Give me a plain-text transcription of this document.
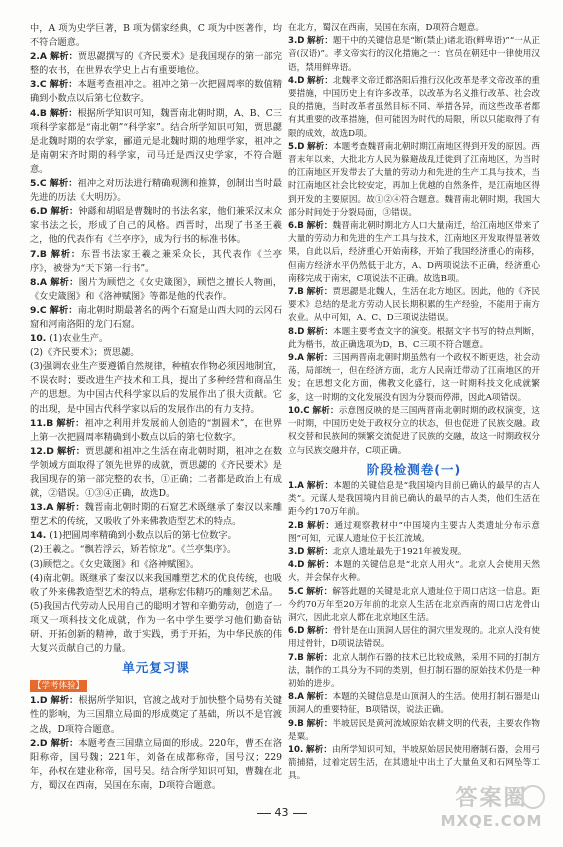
中，A 项为史学巨著，B 项为儒家经典，C 项为中医著作，均不符合题意。

2.A 解析：贾思勰撰写的《齐民要术》是我国现存的第一部完整的农书，在世界农学史上占有重要地位。

3.C 解析：本题考查祖冲之。祖冲之第一次把圆周率的数值精确到小数点以后第七位数字。

4.B 解析：根据所学知识可知，魏晋南北朝时期，A、B、C三项科学家都是“南北朝”“科学家”。结合所学知识可知，贾思勰是北魏时期的农学家，郦道元是北魏时期的地理学家，祖冲之是南朝宋齐时期的科学家，司马迁是西汉史学家，不符合题意。

5.C 解析：祖冲之对历法进行精确观测和推算，创制出当时最先进的历法《大明历》。

6.D 解析：钟繇和胡昭是曹魏时的书法名家，他们兼采汉末众家书法之长，形成了自己的风格。西晋时，出现了书圣王羲之，他的代表作有《兰亭序》，成为行书的标准书体。

7.B 解析：东晋书法家王羲之兼采众长，其代表作《兰亭序》，被誉为“天下第一行书”。

8.A 解析：图片为顾恺之《女史箴图》，顾恺之擅长人物画，《女史箴图》和《洛神赋图》等都是他的代表作。

9.C 解析：南北朝时期最著名的两个石窟是山西大同的云冈石窟和河南洛阳的龙门石窟。

10. (1)农业生产。

(2)《齐民要术》；贾思勰。

(3)强调农业生产要遵循自然规律，种植农作物必须因地制宜，不误农时；要改进生产技术和工具，提出了多种经营和商品生产的思想。为中国古代科学家以后的发展作出了很大贡献。它的出现，是中国古代科学家以后的发展作出的有力支持。

11.B 解析：祖冲之利用并发展前人创造的“割圆术”，在世界上第一次把圆周率精确到小数点以后的第七位数字。

12.D 解析：贾思勰和祖冲之生活在南北朝时期，祖冲之在数学领域方面取得了领先世界的成就，贾思勰的《齐民要术》是我国现存的第一部完整的农书，①正确；二者都是政治上有成就，②错误。①③④正确，故选D。

13.A 解析：魏晋南北朝时期的石窟艺术既继承了秦汉以来雕塑艺术的传统，又吸收了外来佛教造型艺术的特点。

14. (1)把圆周率精确到小数点以后的第七位数字。

(2)王羲之。“飘若浮云，矫若惊龙”。《兰亭集序》。

(3)顾恺之。《女史箴图》和《洛神赋图》。

(4)南北朝。既继承了秦汉以来我国雕塑艺术的优良传统，也吸收了外来佛教造型艺术的特点，堪称宏伟精巧的雕刻艺术品。

(5)我国古代劳动人民用自己的聪明才智和辛勤劳动，创造了一项又一项科技文化成就，作为一名中学生要学习他们勤奋钻研、开拓创新的精神，敢于实践，勇于开拓，为中华民族的伟大复兴贡献自己的力量。

单元复习课
【学考体验】

1.D 解析：根据所学知识，官渡之战对于加快整个局势有关键性的影响，为三国鼎立局面的形成奠定了基础，所以不是官渡之战，D项符合题意。

2.D 解析：本题考查三国鼎立局面的形成。220年，曹丕在洛阳称帝，国号魏；221年，刘备在成都称帝，国号汉；229年，孙权在建业称帝，国号吴。结合所学知识可知，曹魏在北方，蜀汉在西南，吴国在东南，D项符合题意。

在北方，蜀汉在西南，吴国在东南，D项符合题意。

3.D 解析：题干中的关键信息是“断(禁止)诸北语(鲜卑语)”“一从正音(汉语)”。孝文帝实行的汉化措施之一：官员在朝廷中一律使用汉语，禁用鲜卑语。

4.D 解析：北魏孝文帝迁都洛阳后推行汉化改革是孝文帝改革的重要措施，中国历史上有许多改革，以改革为名义推行改革、社会改良的措施，当时改革者虽然目标不同、举措各异，而这些改革者都有其重要的改革措施，但可能因为时代的局限，所以只能取得了有限的成效，故选D项。

5.D 解析：本题考查魏晋南北朝时期江南地区得到开发的原因。西晋末年以来，大批北方人民为躲避战乱迁徙到了江南地区，为当时的江南地区开发带去了大量的劳动力和先进的生产工具与技术，当时江南地区社会比较安定，再加上优越的自然条件，是江南地区得到开发的主要原因。故①②④符合题意。魏晋南北朝时期，我国大部分时间处于分裂局面，③错误。

6.B 解析：魏晋南北朝时期北方人口大量南迁，给江南地区带来了大量的劳动力和先进的生产工具与技术，江南地区开发取得显著效果，自此以后，经济重心开始南移，开始了我国经济重心的南移，但南方经济水平仍然低于北方，A、D两项说法不正确，经济重心南移完成于南宋，C项说法不正确。故选B项。

7.B 解析：贾思勰是北魏人，生活在北方地区。因此，他的《齐民要术》总结的是北方劳动人民长期积累的生产经验，不能用于南方农业。从中可知，A、C、D三项说法错误。

8.D 解析：本题主要考查文字的演变。根据文字书写的特点判断，此为楷书，故正确选项为D，B、C三项不符合题意。

9.A 解析：三国两晋南北朝时期虽然有一个政权不断更迭，社会动荡，局部统一，但在经济方面，北方人民南迁带动了江南地区的开发；在思想文化方面，佛教文化盛行，这一时期科技文化成就繁多，这一时期的文化发展没有因为分裂而停滞，因此A项错误。

10.C 解析：示意图反映的是三国两晋南北朝时期的政权演变，这一时期，中国历史处于政权分立的状态，但也促进了民族交融。政权交替和民族间的频繁交流促进了民族的交融，故这一时期政权分立与民族交融并存，C项正确。

阶段检测卷(一)

1.A 解析：本题的关键信息是“我国境内目前已确认的最早的古人类”。元谋人是我国境内目前已确认的最早的古人类，他们生活在距今约170万年前。

2.B 解析：通过观察教材中“中国境内主要古人类遗址分布示意图”可知，元谋人遗址位于长江流域。

3.D 解析：北京人遗址最先于1921年被发现。

4.D 解析：本题的关键信息是“北京人用火”。北京人会使用天然火，并会保存火种。

5.C 解析：解答此题的关键是北京人遗址位于周口店这一信息。距今约70万年至20万年前的北京人生活在北京西南的周口店龙骨山洞穴，因此北京人都在北京地区生活。

6.D 解析：骨针是在山顶洞人居住的洞穴里发现的。北京人没有使用过骨针，D项说法错误。

7.B 解析：北京人制作石器的技术已比较成熟，采用不同的打制方法，制作的工具分为不同的类别，但打制石器的原始技术仍是一种初始的进步。

8.A 解析：本题的关键信息是山顶洞人的生活。使用打制石器是山顶洞人的重要特征，B项错误，说法正确。

9.B 解析：半坡居民是黄河流域原始农耕文明的代表，主要农作物是粟。

10. 解析：由所学知识可知，半坡原始居民使用磨制石器，会用弓箭捕猎，过着定居生活，在其遗址中出土了大量鱼叉和石网坠等工具。

43
答案圈
MXQE.COM
